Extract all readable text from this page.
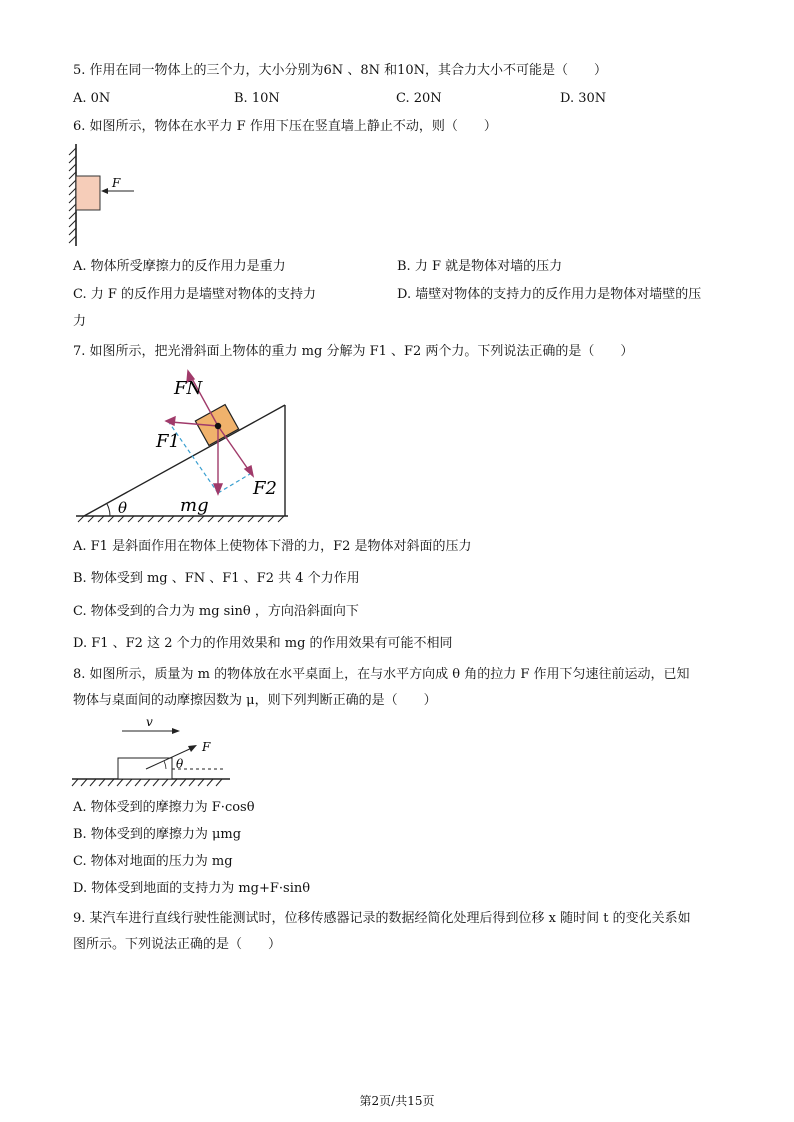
5. 作用在同一物体上的三个力，大小分别为6N 、8N 和10N，其合力大小不可能是（　　）
A. 0N	B. 10N	C. 20N	D. 30N
6. 如图所示，物体在水平力 F 作用下压在竖直墙上静止不动，则（　　）
F
A. 物体所受摩擦力的反作用力是重力	B. 力 F 就是物体对墙的压力
C. 力 F 的反作用力是墙壁对物体的支持力	D. 墙壁对物体的支持力的反作用力是物体对墙壁的压
力
7. 如图所示，把光滑斜面上物体的重力 mg 分解为 F1 、F2 两个力。下列说法正确的是（　　）
FN
F1
F2
mg
θ
A. F1 是斜面作用在物体上使物体下滑的力，F2 是物体对斜面的压力
B. 物体受到 mg 、FN 、F1 、F2 共 4 个力作用
C. 物体受到的合力为 mg sinθ ，方向沿斜面向下
D. F1 、F2 这 2 个力的作用效果和 mg 的作用效果有可能不相同
8. 如图所示，质量为 m 的物体放在水平桌面上，在与水平方向成 θ 角的拉力 F 作用下匀速往前运动，已知
物体与桌面间的动摩擦因数为 μ，则下列判断正确的是（　　）
v
F
θ
A. 物体受到的摩擦力为 F·cosθ
B. 物体受到的摩擦力为 μmg
C. 物体对地面的压力为 mg
D. 物体受到地面的支持力为 mg+F·sinθ
9. 某汽车进行直线行驶性能测试时，位移传感器记录的数据经简化处理后得到位移 x 随时间 t 的变化关系如
图所示。下列说法正确的是（　　）
第2页/共15页
